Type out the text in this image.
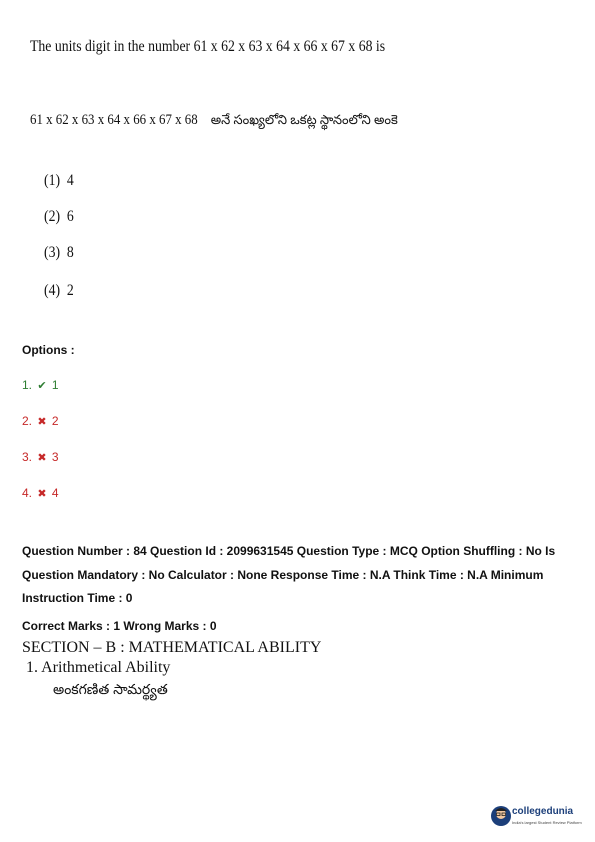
The units digit in the number 61 x 62 x 63 x 64 x 66 x 67 x 68 is
61 x 62 x 63 x 64 x 66 x 67 x 68 అనే సంఖ్యలోని ఒకట్ల స్థానంలోని అంకె
(1) 4
(2) 6
(3) 8
(4) 2
Options :
1. ✔ 1
2. ✖ 2
3. ✖ 3
4. ✖ 4
Question Number : 84 Question Id : 2099631545 Question Type : MCQ Option Shuffling : No Is
Question Mandatory : No Calculator : None Response Time : N.A Think Time : N.A Minimum
Instruction Time : 0
Correct Marks : 1 Wrong Marks : 0
SECTION – B : MATHEMATICAL ABILITY
1. Arithmetical Ability
అంకగణిత సామర్థ్యత
collegedunia
India's largest Student Review Platform
